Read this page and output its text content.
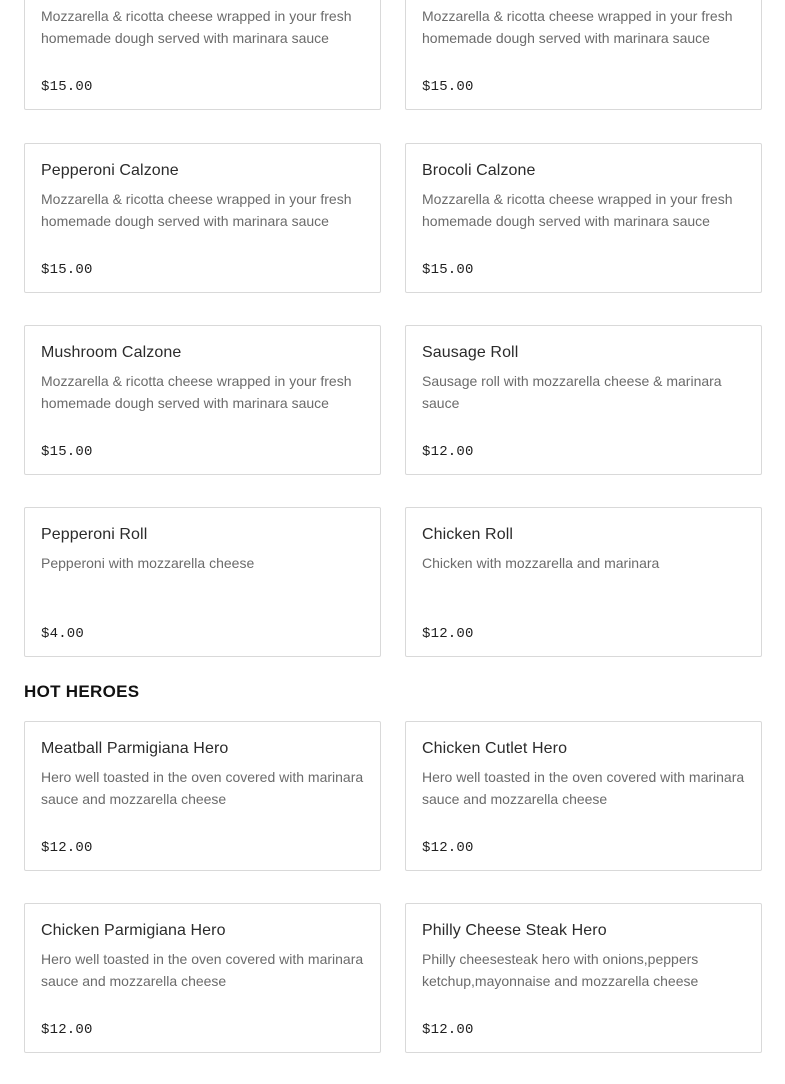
Mozzarella & ricotta cheese wrapped in your fresh homemade dough served with marinara sauce
$15.00
Mozzarella & ricotta cheese wrapped in your fresh homemade dough served with marinara sauce
$15.00
Pepperoni Calzone
Mozzarella & ricotta cheese wrapped in your fresh homemade dough served with marinara sauce
$15.00
Brocoli Calzone
Mozzarella & ricotta cheese wrapped in your fresh homemade dough served with marinara sauce
$15.00
Mushroom Calzone
Mozzarella & ricotta cheese wrapped in your fresh homemade dough served with marinara sauce
$15.00
Sausage Roll
Sausage roll with mozzarella cheese & marinara sauce
$12.00
Pepperoni Roll
Pepperoni with mozzarella cheese
$4.00
Chicken Roll
Chicken with mozzarella and marinara
$12.00
HOT HEROES
Meatball Parmigiana Hero
Hero well toasted in the oven covered with marinara sauce and mozzarella cheese
$12.00
Chicken Cutlet Hero
Hero well toasted in the oven covered with marinara sauce and mozzarella cheese
$12.00
Chicken Parmigiana Hero
Hero well toasted in the oven covered with marinara sauce and mozzarella cheese
$12.00
Philly Cheese Steak Hero
Philly cheesesteak hero with onions,peppers ketchup,mayonnaise and mozzarella cheese
$12.00
